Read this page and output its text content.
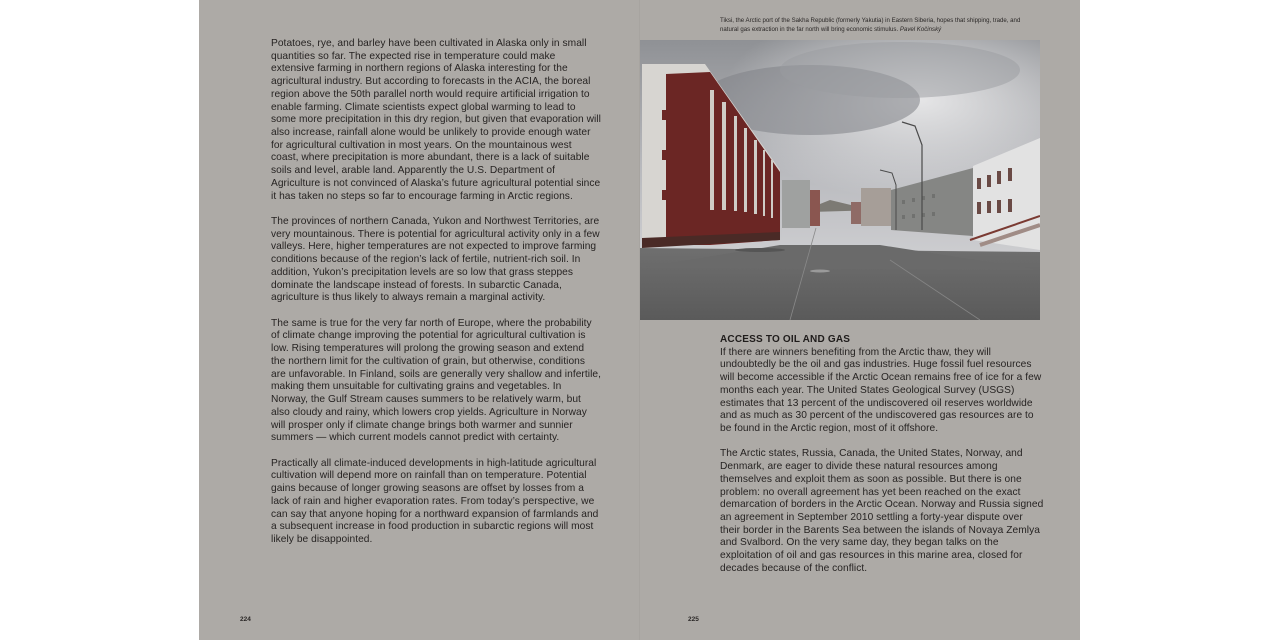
Potatoes, rye, and barley have been cultivated in Alaska only in small quantities so far. The expected rise in temperature could make extensive farming in northern regions of Alaska interesting for the agricultural industry. But according to forecasts in the ACIA, the boreal region above the 50th parallel north would require artificial irrigation to enable farming. Climate scientists expect global warming to lead to some more precipitation in this dry region, but given that evaporation will also increase, rainfall alone would be unlikely to provide enough water for agricultural cultivation in most years. On the mountainous west coast, where precipitation is more abundant, there is a lack of suitable soils and level, arable land. Apparently the U.S. Department of Agriculture is not convinced of Alaska’s future agricultural potential since it has taken no steps so far to encourage farming in Arctic regions.

The provinces of northern Canada, Yukon and Northwest Territories, are very mountainous. There is potential for agricultural activity only in a few valleys. Here, higher temperatures are not expected to improve farming conditions because of the region’s lack of fertile, nutrient-rich soil. In addition, Yukon’s precipitation levels are so low that grass steppes dominate the landscape instead of forests. In subarctic Canada, agriculture is thus likely to always remain a marginal activity.

The same is true for the very far north of Europe, where the probability of climate change improving the potential for agricultural cultivation is low. Rising temperatures will prolong the growing season and extend the northern limit for the cultivation of grain, but otherwise, conditions are unfavorable. In Finland, soils are generally very shallow and infertile, making them unsuitable for cultivating grains and vegetables. In Norway, the Gulf Stream causes summers to be relatively warm, but also cloudy and rainy, which lowers crop yields. Agriculture in Norway will prosper only if climate change brings both warmer and sunnier summers — which current models cannot predict with certainty.

Practically all climate-induced developments in high-latitude agricultural cultivation will depend more on rainfall than on temperature. Potential gains because of longer growing seasons are offset by losses from a lack of rain and higher evaporation rates. From today’s perspective, we can say that anyone hoping for a northward expansion of farmlands and a subsequent increase in food production in subarctic regions will most likely be disappointed.

224
Tiksi, the Arctic port of the Sakha Republic (formerly Yakutia) in Eastern Siberia, hopes that shipping, trade, and natural gas extraction in the far north will bring economic stimulus. Pavel Kočinský
ACCESS TO OIL AND GAS

If there are winners benefiting from the Arctic thaw, they will undoubtedly be the oil and gas industries. Huge fossil fuel resources will become accessible if the Arctic Ocean remains free of ice for a few months each year. The United States Geological Survey (USGS) estimates that 13 percent of the undiscovered oil reserves worldwide and as much as 30 percent of the undiscovered gas resources are to be found in the Arctic region, most of it offshore.

The Arctic states, Russia, Canada, the United States, Norway, and Denmark, are eager to divide these natural resources among themselves and exploit them as soon as possible. But there is one problem: no overall agreement has yet been reached on the exact demarcation of borders in the Arctic Ocean. Norway and Russia signed an agreement in September 2010 settling a forty-year dispute over their border in the Barents Sea between the islands of Novaya Zemlya and Svalbord. On the very same day, they began talks on the exploitation of oil and gas resources in this marine area, closed for decades because of the conflict.

225
